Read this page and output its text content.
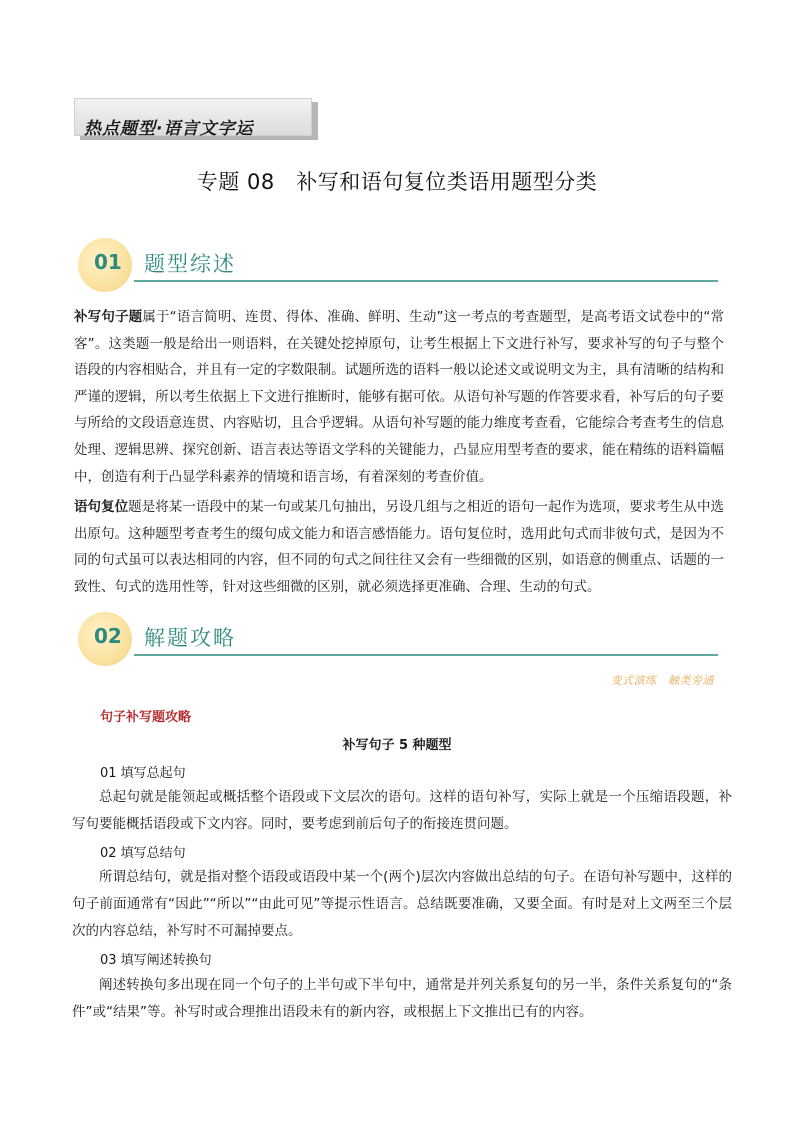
热点题型·语言文字运
专题 08　补写和语句复位类语用题型分类
01 题型综述
补写句子题属于“语言简明、连贯、得体、准确、鲜明、生动”这一考点的考查题型，是高考语文试卷中的“常客”。这类题一般是给出一则语料，在关键处挖掉原句，让考生根据上下文进行补写，要求补写的句子与整个语段的内容相贴合，并且有一定的字数限制。试题所选的语料一般以论述文或说明文为主，具有清晰的结构和严谨的逻辑，所以考生依据上下文进行推断时，能够有据可依。从语句补写题的作答要求看，补写后的句子要与所给的文段语意连贯、内容贴切，且合乎逻辑。从语句补写题的能力维度考查看，它能综合考查考生的信息处理、逻辑思辨、探究创新、语言表达等语文学科的关键能力，凸显应用型考查的要求，能在精练的语料篇幅中，创造有利于凸显学科素养的情境和语言场，有着深刻的考查价值。
语句复位题是将某一语段中的某一句或某几句抽出，另设几组与之相近的语句一起作为选项，要求考生从中选出原句。这种题型考查考生的缀句成文能力和语言感悟能力。语句复位时，选用此句式而非彼句式，是因为不同的句式虽可以表达相同的内容，但不同的句式之间往往又会有一些细微的区别，如语意的侧重点、话题的一致性、句式的选用性等，针对这些细微的区别，就必须选择更准确、合理、生动的句式。
02 解题攻略
变式演练　触类旁通
句子补写题攻略
补写句子 5 种题型
01 填写总起句
总起句就是能领起或概括整个语段或下文层次的语句。这样的语句补写，实际上就是一个压缩语段题，补写句要能概括语段或下文内容。同时，要考虑到前后句子的衔接连贯问题。
02 填写总结句
所谓总结句，就是指对整个语段或语段中某一个(两个)层次内容做出总结的句子。在语句补写题中，这样的句子前面通常有“因此”“所以”“由此可见”等提示性语言。总结既要准确，又要全面。有时是对上文两至三个层次的内容总结，补写时不可漏掉要点。
03 填写阐述转换句
阐述转换句多出现在同一个句子的上半句或下半句中，通常是并列关系复句的另一半，条件关系复句的“条件”或“结果”等。补写时或合理推出语段未有的新内容，或根据上下文推出已有的内容。
